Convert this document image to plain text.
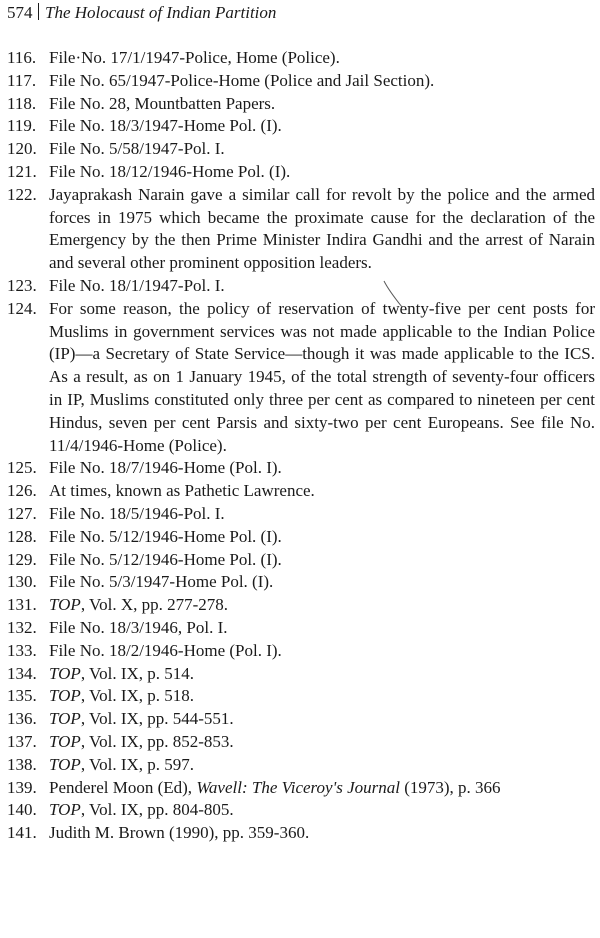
574 The Holocaust of Indian Partition
116. File·No. 17/1/1947-Police, Home (Police).
117. File No. 65/1947-Police-Home (Police and Jail Section).
118. File No. 28, Mountbatten Papers.
119. File No. 18/3/1947-Home Pol. (I).
120. File No. 5/58/1947-Pol. I.
121. File No. 18/12/1946-Home Pol. (I).
122. Jayaprakash Narain gave a similar call for revolt by the police and the armed forces in 1975 which became the proximate cause for the declaration of the Emergency by the then Prime Minister Indira Gandhi and the arrest of Narain and several other prominent opposition leaders.
123. File No. 18/1/1947-Pol. I.
124. For some reason, the policy of reservation of twenty-five per cent posts for Muslims in government services was not made applicable to the Indian Police (IP)—a Secretary of State Service—though it was made applicable to the ICS. As a result, as on 1 January 1945, of the total strength of seventy-four officers in IP, Muslims constituted only three per cent as compared to nineteen per cent Hindus, seven per cent Parsis and sixty-two per cent Europeans. See file No. 11/4/1946-Home (Police).
125. File No. 18/7/1946-Home (Pol. I).
126. At times, known as Pathetic Lawrence.
127. File No. 18/5/1946-Pol. I.
128. File No. 5/12/1946-Home Pol. (I).
129. File No. 5/12/1946-Home Pol. (I).
130. File No. 5/3/1947-Home Pol. (I).
131. TOP, Vol. X, pp. 277-278.
132. File No. 18/3/1946, Pol. I.
133. File No. 18/2/1946-Home (Pol. I).
134. TOP, Vol. IX, p. 514.
135. TOP, Vol. IX, p. 518.
136. TOP, Vol. IX, pp. 544-551.
137. TOP, Vol. IX, pp. 852-853.
138. TOP, Vol. IX, p. 597.
139. Penderel Moon (Ed), Wavell: The Viceroy's Journal (1973), p. 366
140. TOP, Vol. IX, pp. 804-805.
141. Judith M. Brown (1990), pp. 359-360.
